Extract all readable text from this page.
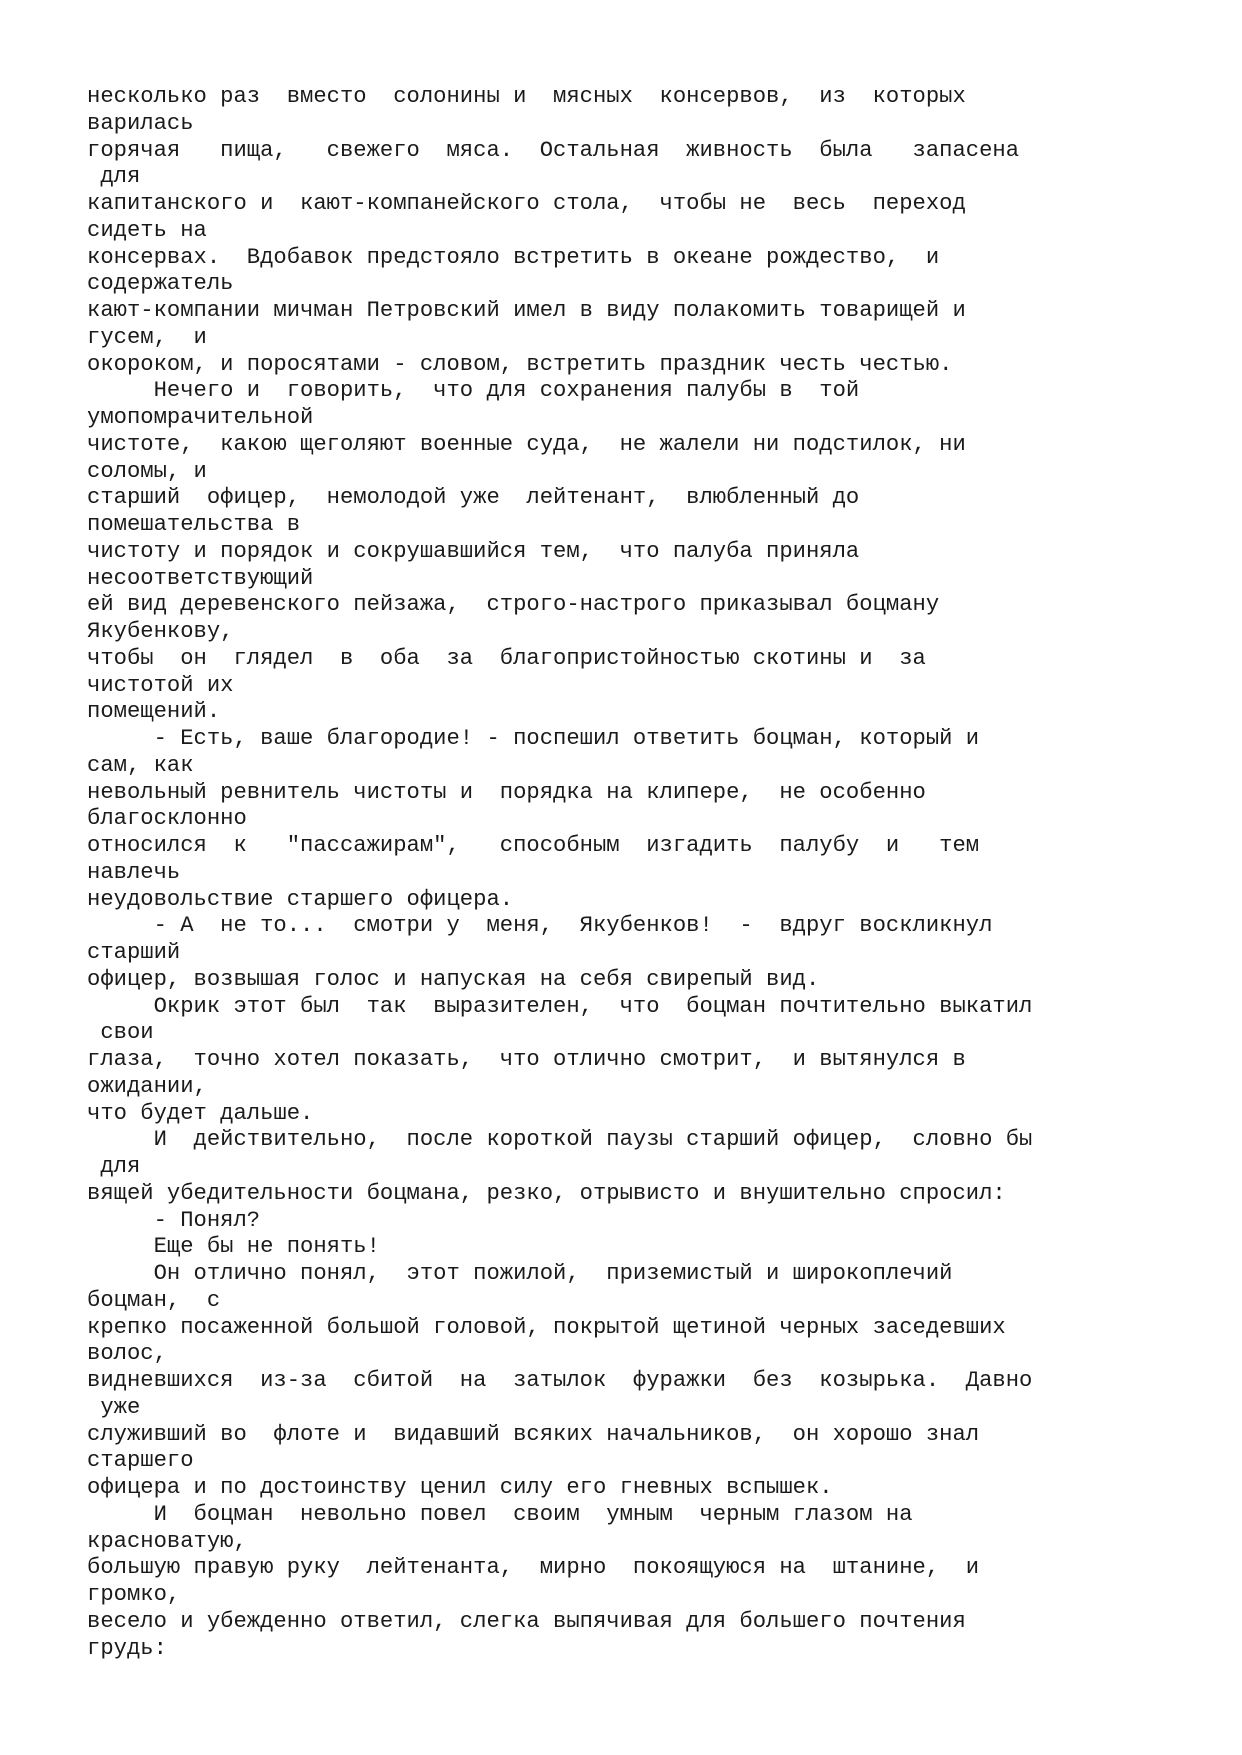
несколько раз  вместо  солонины и  мясных  консервов,  из  которых
варилась
горячая   пища,   свежего  мяса.  Остальная  живность  была   запасена
для
капитанского и  кают-компанейского стола,  чтобы не  весь  переход
сидеть на
консервах.  Вдобавок предстояло встретить в океане рождество,  и
содержатель
кают-компании мичман Петровский имел в виду полакомить товарищей и
гусем,  и
окороком, и поросятами - словом, встретить праздник честь честью.
Нечего и  говорить,  что для сохранения палубы в  той
умопомрачительной
чистоте,  какою щеголяют военные суда,  не жалели ни подстилок, ни
соломы, и
старший  офицер,  немолодой уже  лейтенант,  влюбленный до
помешательства в
чистоту и порядок и сокрушавшийся тем,  что палуба приняла
несоответствующий
ей вид деревенского пейзажа,  строго-настрого приказывал боцману
Якубенкову,
чтобы  он  глядел  в  оба  за  благопристойностью скотины и  за
чистотой их
помещений.
- Есть, ваше благородие! - поспешил ответить боцман, который и
сам, как
невольный ревнитель чистоты и  порядка на клипере,  не особенно
благосклонно
относился  к   "пассажирам",   способным  изгадить  палубу  и   тем
навлечь
неудовольствие старшего офицера.
- А  не то...  смотри у  меня,  Якубенков!  -  вдруг воскликнул
старший
офицер, возвышая голос и напуская на себя свирепый вид.
Окрик этот был  так  выразителен,  что  боцман почтительно выкатил
свои
глаза,  точно хотел показать,  что отлично смотрит,  и вытянулся в
ожидании,
что будет дальше.
И  действительно,  после короткой паузы старший офицер,  словно бы
для
вящей убедительности боцмана, резко, отрывисто и внушительно спросил:
- Понял?
Еще бы не понять!
Он отлично понял,  этот пожилой,  приземистый и широкоплечий
боцман,  с
крепко посаженной большой головой, покрытой щетиной черных заседевших
волос,
видневшихся  из-за  сбитой  на  затылок  фуражки  без  козырька.  Давно
уже
служивший во  флоте и  видавший всяких начальников,  он хорошо знал
старшего
офицера и по достоинству ценил силу его гневных вспышек.
И  боцман  невольно повел  своим  умным  черным глазом на
красноватую,
большую правую руку  лейтенанта,  мирно  покоящуюся на  штанине,  и
громко,
весело и убежденно ответил, слегка выпячивая для большего почтения
грудь:
